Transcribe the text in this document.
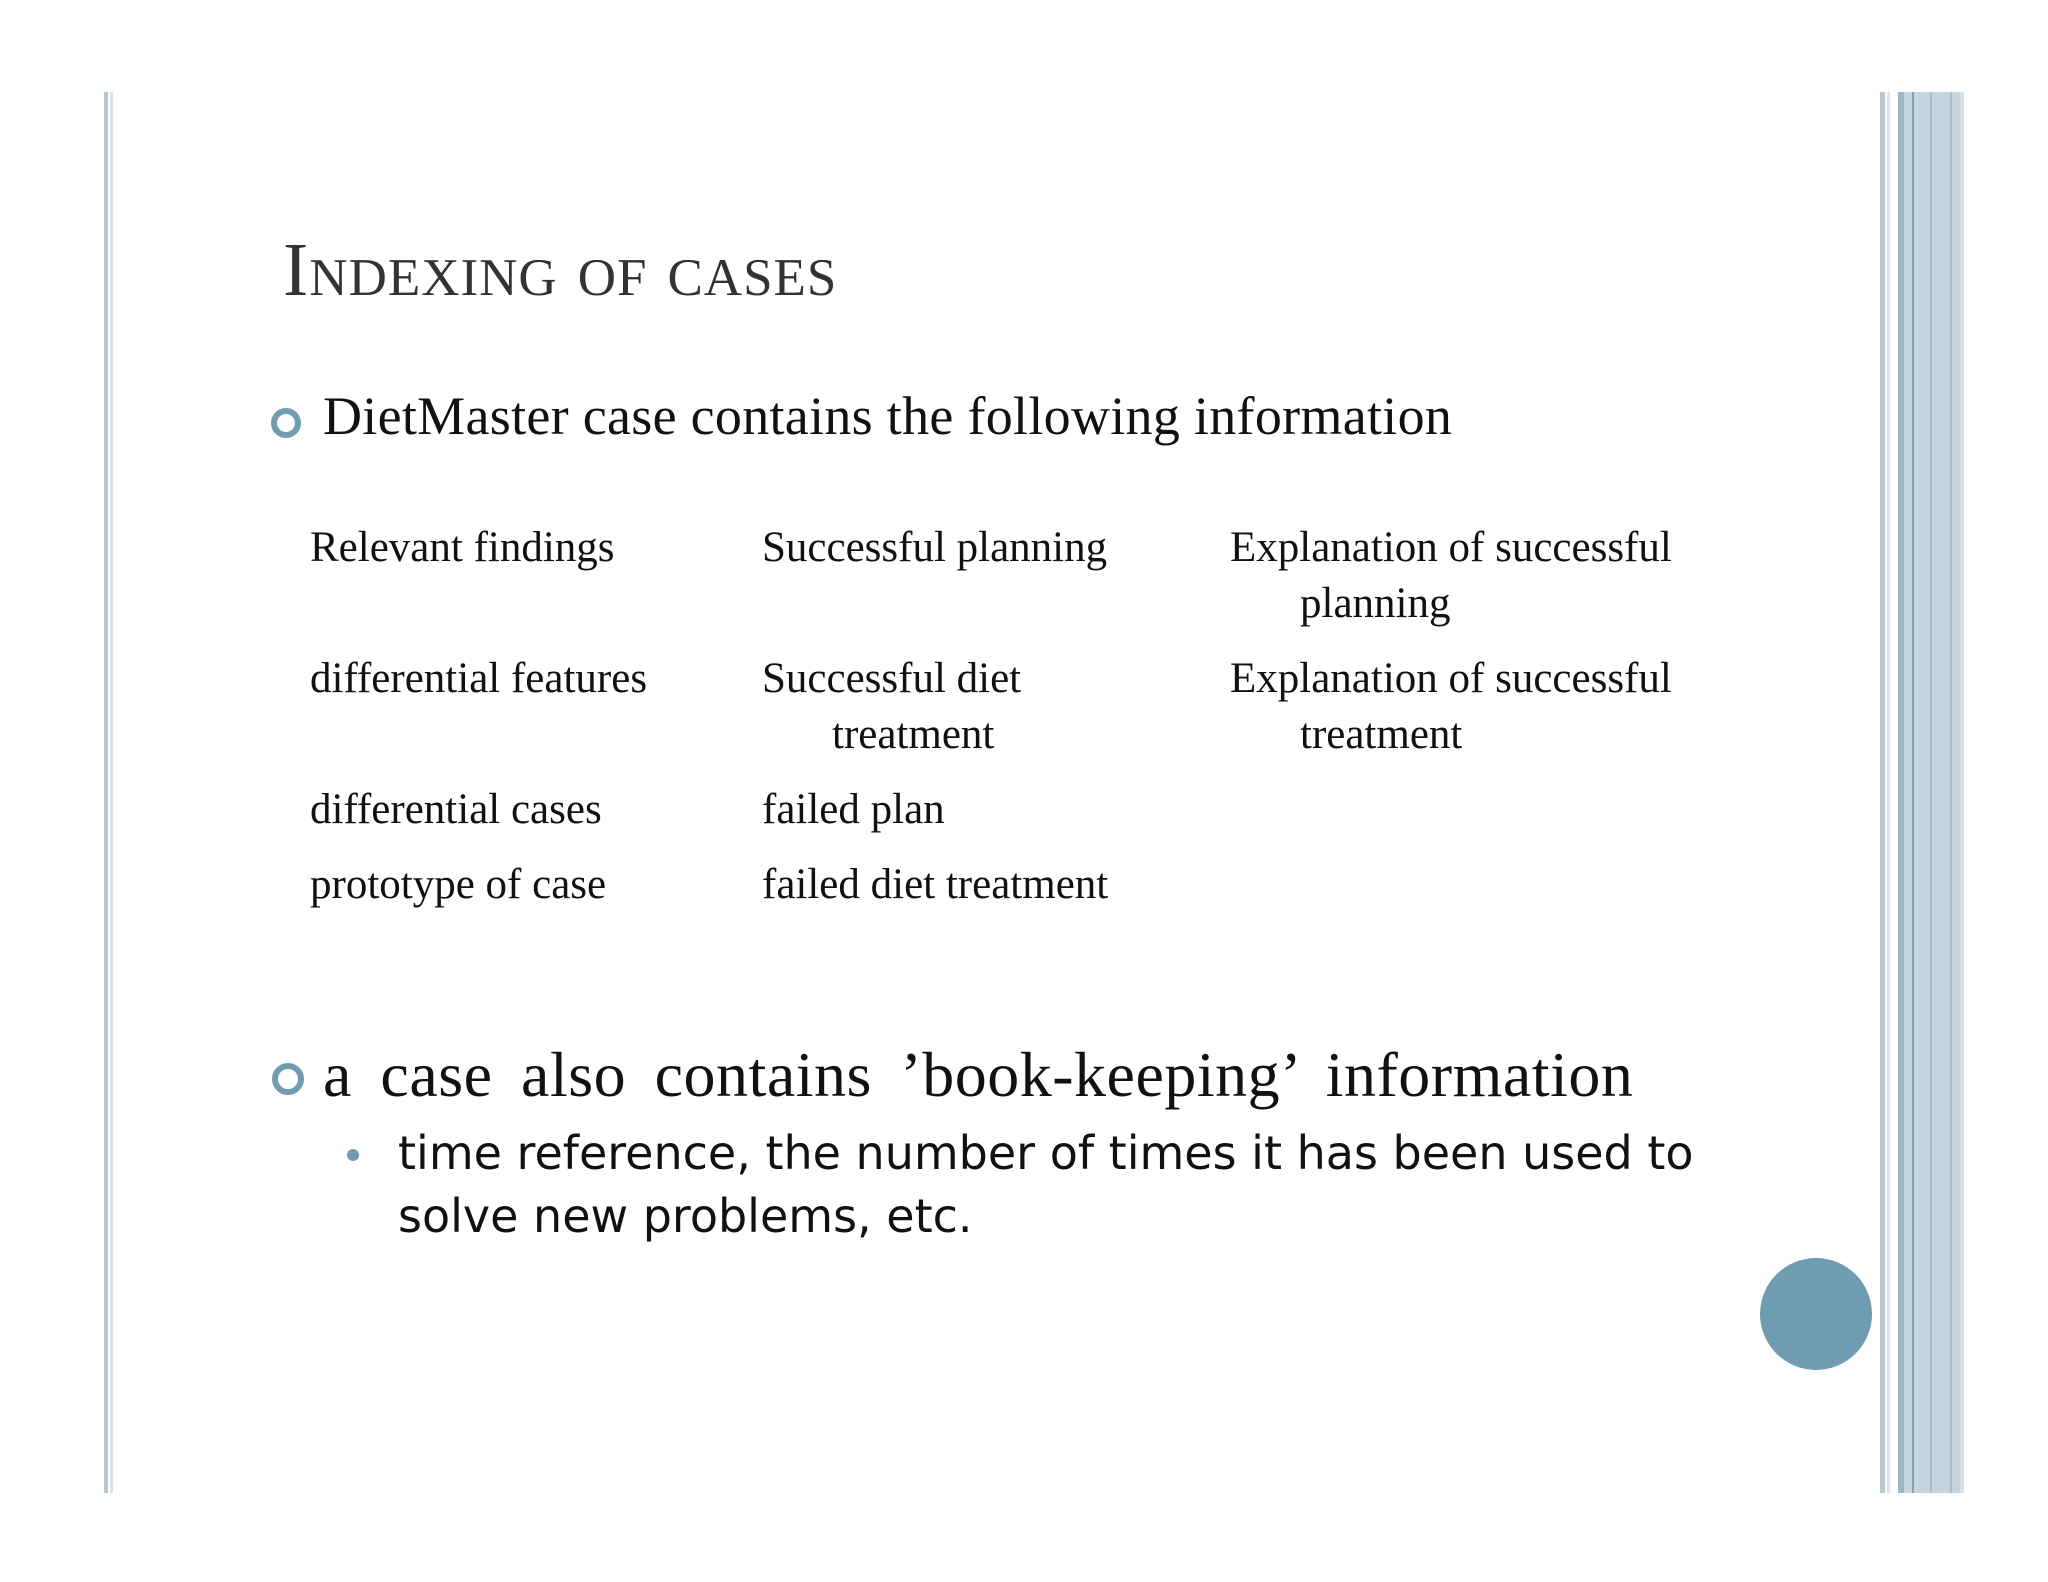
Indexing of cases
DietMaster case contains the following information
Relevant findings
differential features
differential cases
prototype of case
Successful planning
Successful diet
treatment
failed plan
failed diet treatment
Explanation of successful
planning
Explanation of successful
treatment
a case also contains ’book-keeping’ information
time reference, the number of times it has been used to solve new problems, etc.
